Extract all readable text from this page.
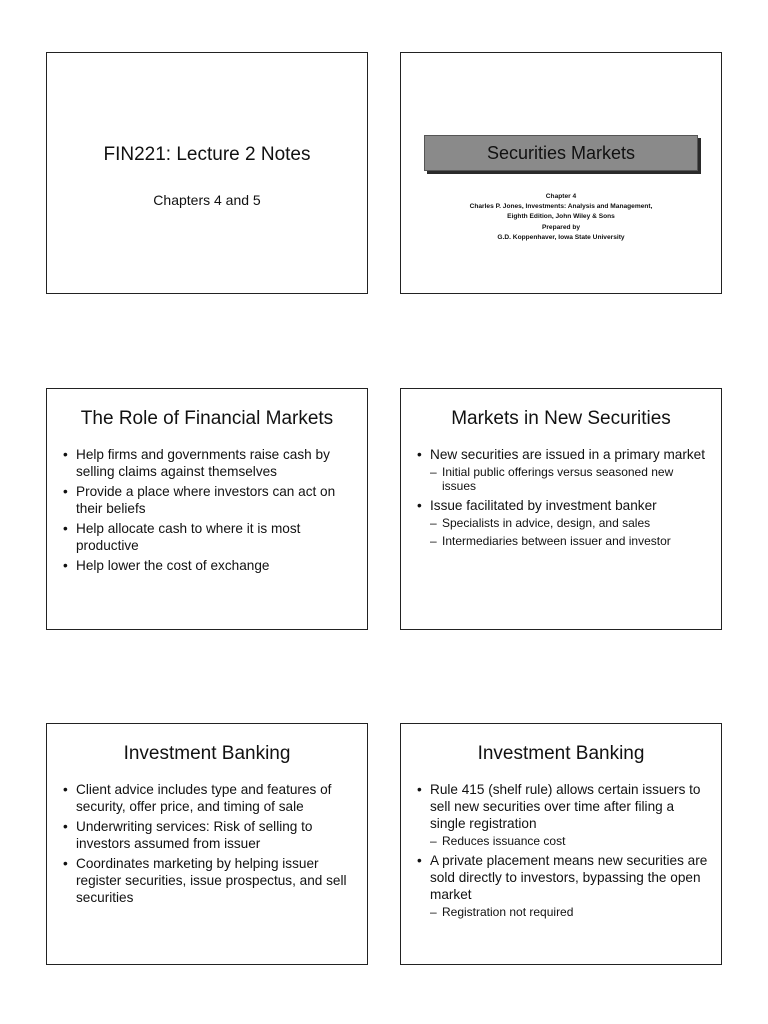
FIN221: Lecture 2 Notes
Chapters 4 and 5
Securities Markets
Chapter 4
Charles P. Jones, Investments: Analysis and Management,
Eighth Edition, John Wiley & Sons
Prepared by
G.D. Koppenhaver, Iowa State University
The Role of Financial Markets
• Help firms and governments raise cash by selling claims against themselves
• Provide a place where investors can act on their beliefs
• Help allocate cash to where it is most productive
• Help lower the cost of exchange
Markets in New Securities
• New securities are issued in a primary market
– Initial public offerings versus seasoned new issues
• Issue facilitated by investment banker
– Specialists in advice, design, and sales
– Intermediaries between issuer and investor
Investment Banking
• Client advice includes type and features of security, offer price, and timing of sale
• Underwriting services: Risk of selling to investors assumed from issuer
• Coordinates marketing by helping issuer register securities, issue prospectus, and sell securities
Investment Banking
• Rule 415 (shelf rule) allows certain issuers to sell new securities over time after filing a single registration
– Reduces issuance cost
• A private placement means new securities are sold directly to investors, bypassing the open market
– Registration not required
